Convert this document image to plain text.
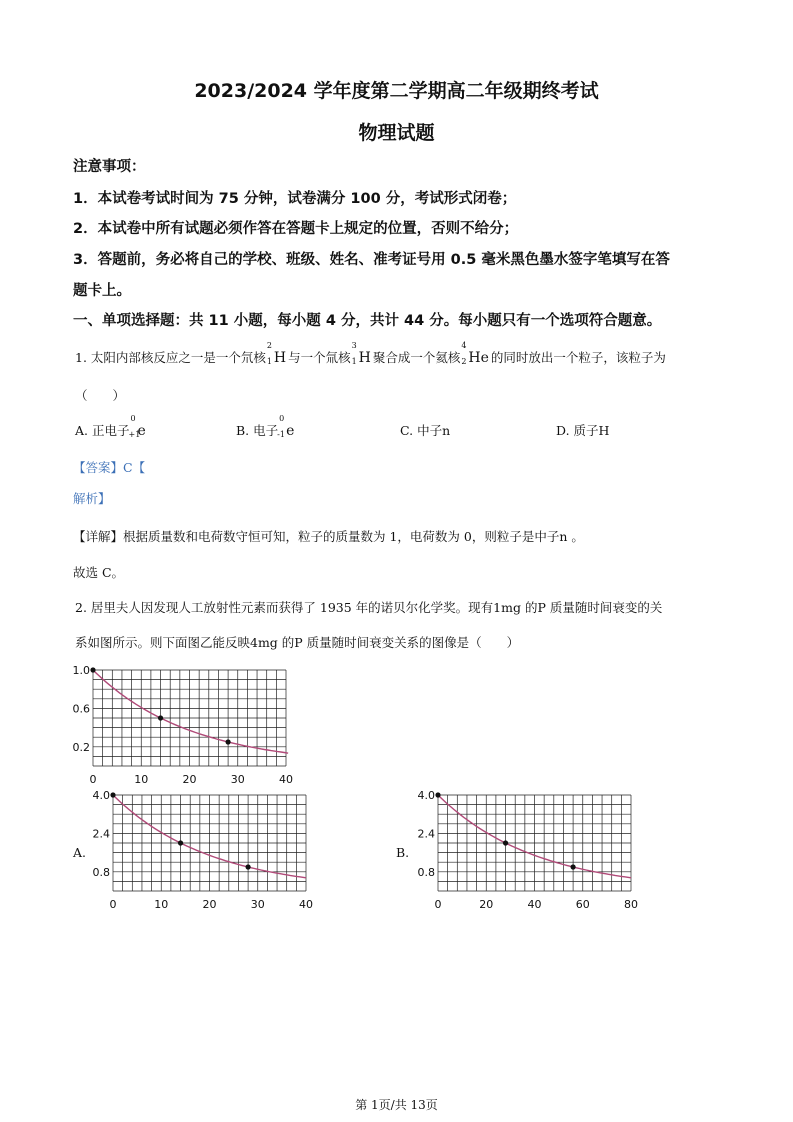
2023/2024 学年度第二学期高二年级期终考试
物理试题
注意事项：
1．本试卷考试时间为 75 分钟，试卷满分 100 分，考试形式闭卷；
2．本试卷中所有试题必须作答在答题卡上规定的位置，否则不给分；
3．答题前，务必将自己的学校、班级、姓名、准考证号用 0.5 毫米黑色墨水签字笔填写在答
题卡上。
一、单项选择题：共 11 小题，每小题 4 分，共计 44 分。每小题只有一个选项符合题意。
1. 太阳内部核反应之一是一个氘核
2
1 H 与一个氚核
3
1 H 聚合成一个氦核
4
2 He 的同时放出一个粒子，该粒子为
（　　）
A. 正电子
0
+1
e	B. 电子
0
-1 e	C. 中子n	D. 质子H
【答案】C【
解析】
【详解】根据质量数和电荷数守恒可知，粒子的质量数为 1，电荷数为 0，则粒子是中子n 。
故选 C。
2. 居里夫人因发现人工放射性元素而获得了 1935 年的诺贝尔化学奖。现有1mg 的P 质量随时间衰变的关
系如图所示。则下面图乙能反映4mg 的P 质量随时间衰变关系的图像是（　　）
0	10	20	30	40
1.0
0.6
0.2
0	10	20	30	40
4.0
2.4
0.8
0	20	40	60	80
4.0
2.4
0.8
A.	B.
第 1页/共 13页
